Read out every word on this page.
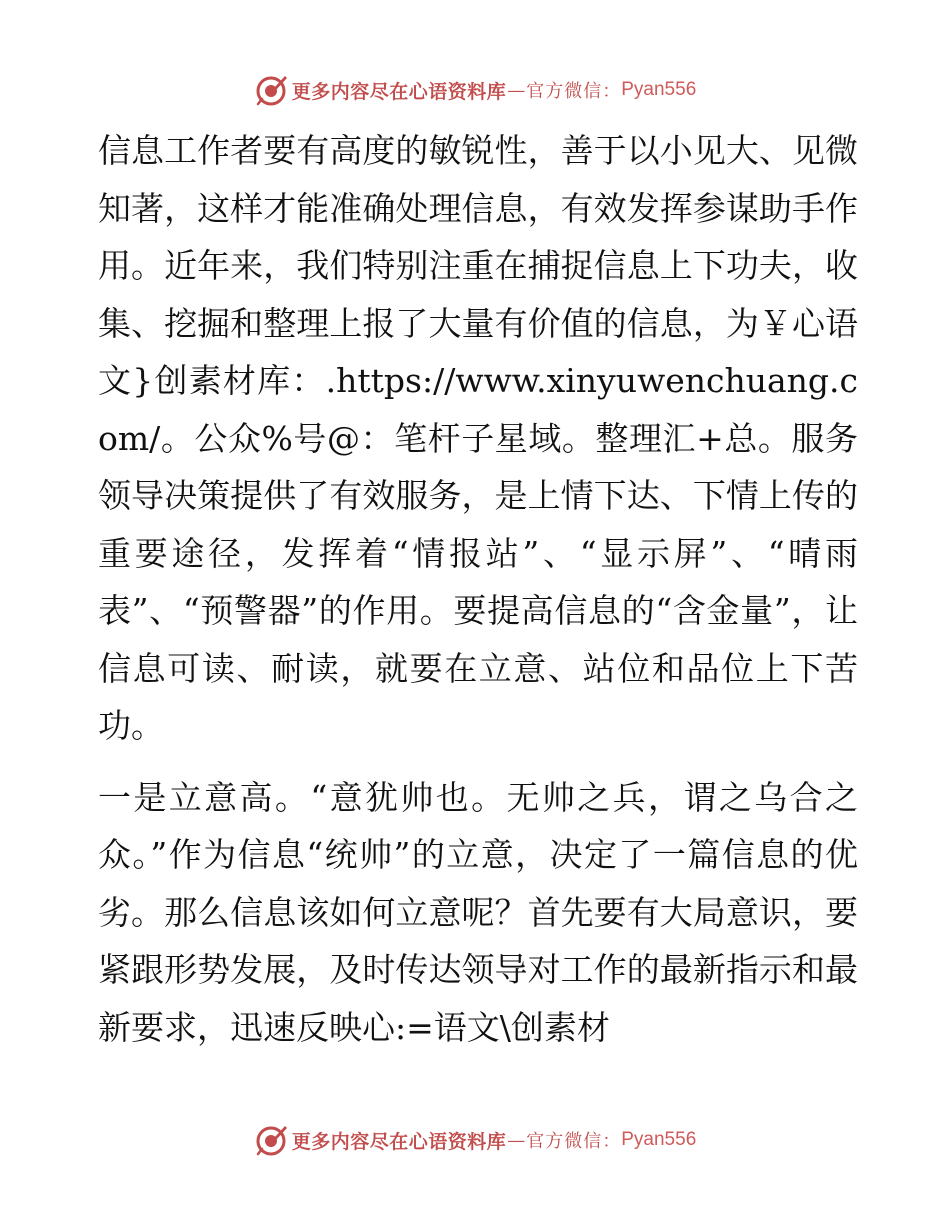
更多内容尽在心语资料库 — 官方微信： Pyan556

信息工作者要有高度的敏锐性，善于以小见大、见微知著，这样才能准确处理信息，有效发挥参谋助手作用。近年来，我们特别注重在捕捉信息上下功夫，收集、挖掘和整理上报了大量有价值的信息，为￥心语文}创素材库：.https://www.xinyuwenchuang.com/。公众%号@：笔杆子星域。整理汇+总。服务领导决策提供了有效服务，是上情下达、下情上传的重要途径，发挥着“情报站”、“显示屏”、“晴雨表”、“预警器”的作用。要提高信息的“含金量”，让信息可读、耐读，就要在立意、站位和品位上下苦功。

一是立意高。“意犹帅也。无帅之兵，谓之乌合之众。”作为信息“统帅”的立意，决定了一篇信息的优劣。那么信息该如何立意呢？首先要有大局意识，要紧跟形势发展，及时传达领导对工作的最新指示和最新要求，迅速反映心:=语文\创素材

更多内容尽在心语资料库 — 官方微信： Pyan556
